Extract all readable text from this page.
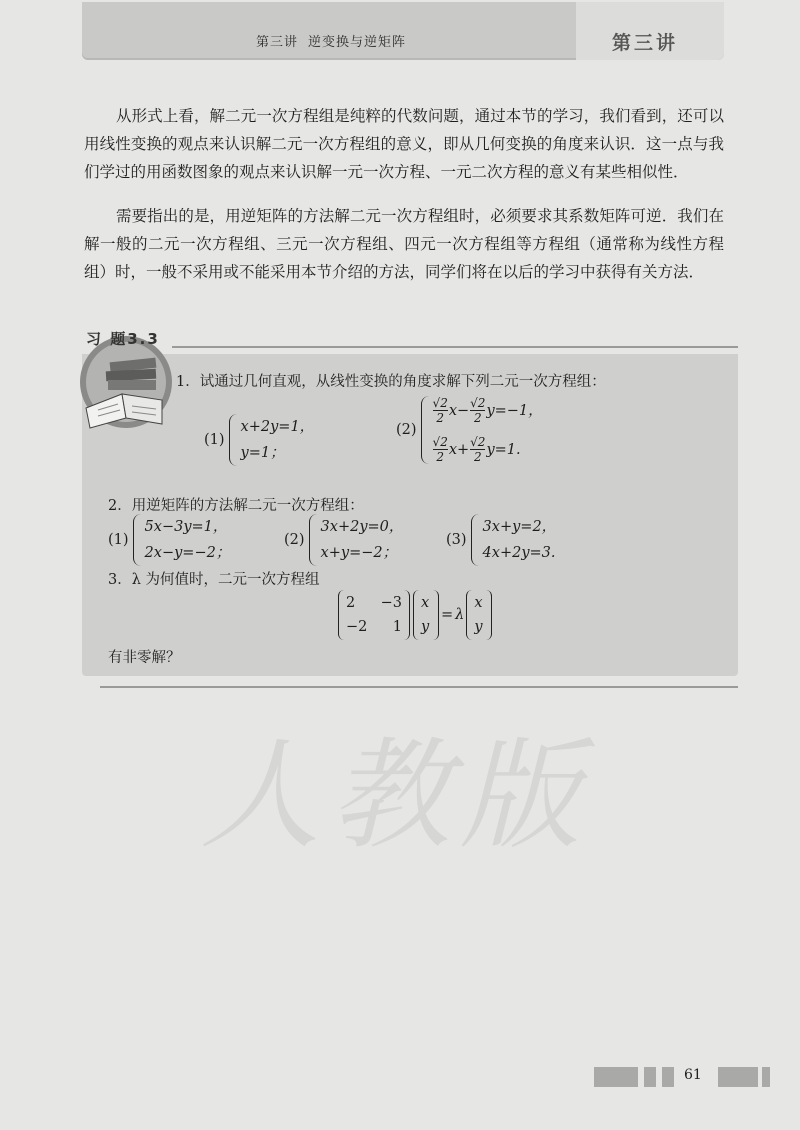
第三讲 逆变换与逆矩阵	第三讲
人教版

从形式上看，解二元一次方程组是纯粹的代数问题，通过本节的学习，我们看到，还可以用线性变换的观点来认识解二元一次方程组的意义，即从几何变换的角度来认识．这一点与我们学过的用函数图象的观点来认识解一元一次方程、一元二次方程的意义有某些相似性．

需要指出的是，用逆矩阵的方法解二元一次方程组时，必须要求其系数矩阵可逆．我们在解一般的二元一次方程组、三元一次方程组、四元一次方程组等方程组（通常称为线性方程组）时，一般不采用或不能采用本节介绍的方法，同学们将在以后的学习中获得有关方法．

习 题3.3
1．试通过几何直观，从线性变换的角度求解下列二元一次方程组：
(1)
x+2y=1，
y=1；
(2)
$\frac{√2}{2} x- \frac{√2}{2} y=-1$，
$\frac{√2}{2} x+ \frac{√2}{2} y=1$.
2．用逆矩阵的方法解二元一次方程组：
(1)
5x−3y=1，
2x−y=−2；
(2)
3x+2y=0，
x+y=−2；
(3)
3x+y=2，
4x+2y=3.
3．λ 为何值时，二元一次方程组
2	−3
−2	1
x
y
= λ
x
y
有非零解？
61
